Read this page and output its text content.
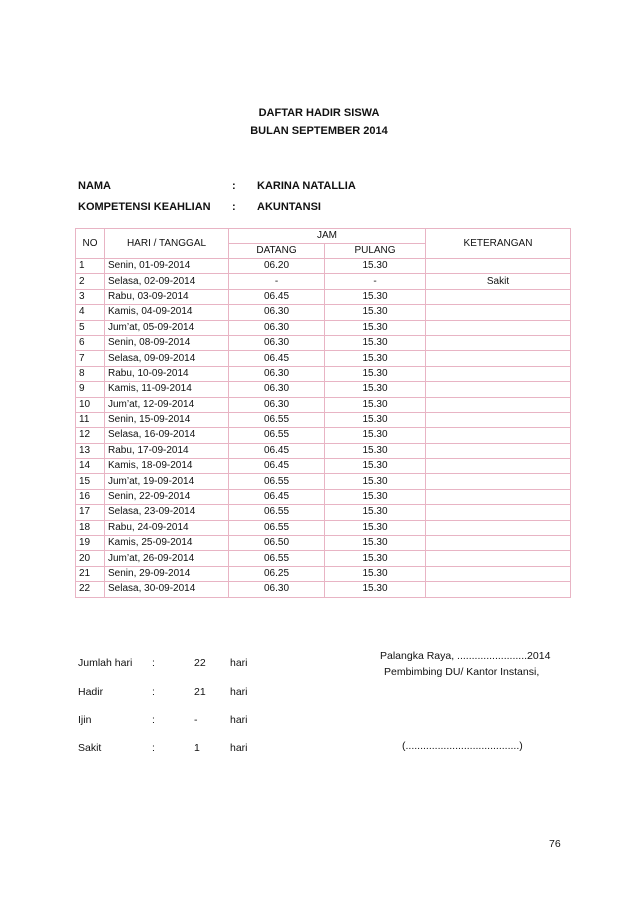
DAFTAR HADIR SISWA
BULAN SEPTEMBER 2014
NAMA	: KARINA NATALLIA
KOMPETENSI KEAHLIAN : AKUNTANSI
NO	HARI / TANGGAL	JAM		KETERANGAN
		DATANG	PULANG	
1	Senin, 01-09-2014	06.20	15.30	
2	Selasa, 02-09-2014	-	-	Sakit
3	Rabu, 03-09-2014	06.45	15.30	
4	Kamis, 04-09-2014	06.30	15.30	
5	Jum’at, 05-09-2014	06.30	15.30	
6	Senin, 08-09-2014	06.30	15.30	
7	Selasa, 09-09-2014	06.45	15.30	
8	Rabu, 10-09-2014	06.30	15.30	
9	Kamis, 11-09-2014	06.30	15.30	
10	Jum’at, 12-09-2014	06.30	15.30	
11	Senin, 15-09-2014	06.55	15.30	
12	Selasa, 16-09-2014	06.55	15.30	
13	Rabu, 17-09-2014	06.45	15.30	
14	Kamis, 18-09-2014	06.45	15.30	
15	Jum’at, 19-09-2014	06.55	15.30	
16	Senin, 22-09-2014	06.45	15.30	
17	Selasa, 23-09-2014	06.55	15.30	
18	Rabu, 24-09-2014	06.55	15.30	
19	Kamis, 25-09-2014	06.50	15.30	
20	Jum’at, 26-09-2014	06.55	15.30	
21	Senin, 29-09-2014	06.25	15.30	
22	Selasa, 30-09-2014	06.30	15.30	
Jumlah hari :	22 hari
Hadir	:	21 hari
Ijin	:	-	hari
Sakit	:	1	hari
Palangka Raya, ........................2014
Pembimbing DU/ Kantor Instansi,
(.......................................)
76
